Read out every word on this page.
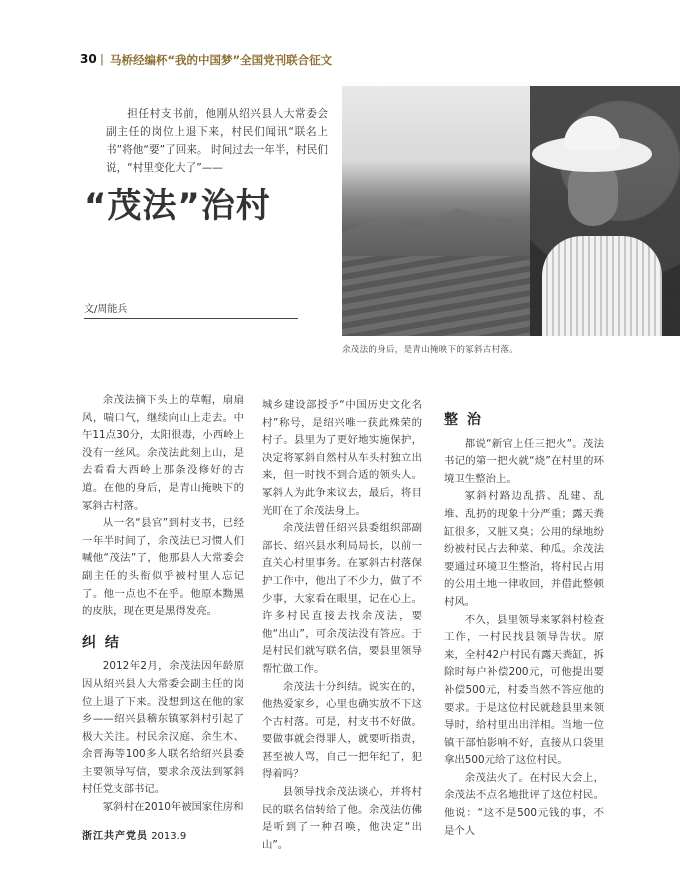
30 | 马桥经编杯“我的中国梦”全国党刊联合征文
余茂法的身后，是青山掩映下的冢斜古村落。
担任村支书前，他刚从绍兴县人大常委会副主任的岗位上退下来，村民们闻讯“联名上书”将他“要”了回来。 时间过去一年半，村民们说，“村里变化大了”——
“茂法”治村
文/周能兵

余茂法摘下头上的草帽，扇扇风，喘口气，继续向山上走去。中午11点30分，太阳很毒，小西岭上没有一丝风。余茂法此刻上山，是去看看大西岭上那条没修好的古道。在他的身后，是青山掩映下的冢斜古村落。

从一名“县官”到村支书，已经一年半时间了，余茂法已习惯人们喊他“茂法”了，他那县人大常委会副主任的头衔似乎被村里人忘记了。他一点也不在乎。他原本黝黑的皮肤，现在更是黑得发亮。

纠 结

2012年2月，余茂法因年龄原因从绍兴县人大常委会副主任的岗位上退了下来。没想到这在他的家乡——绍兴县稽东镇冢斜村引起了极大关注。村民余汉庭、余生木、余晋海等100多人联名给绍兴县委主要领导写信，要求余茂法到冢斜村任党支部书记。

冢斜村在2010年被国家住房和

城乡建设部授予“中国历史文化名村”称号，是绍兴唯一获此殊荣的村子。县里为了更好地实施保护，决定将冢斜自然村从车头村独立出来，但一时找不到合适的领头人。冢斜人为此争来议去，最后，将目光盯在了余茂法身上。

余茂法曾任绍兴县委组织部副部长、绍兴县水利局局长，以前一直关心村里事务。在冢斜古村落保护工作中，他出了不少力，做了不少事，大家看在眼里，记在心上。许多村民直接去找余茂法，要他“出山”，可余茂法没有答应。于是村民们就写联名信，要县里领导帮忙做工作。

余茂法十分纠结。说实在的，他热爱家乡，心里也确实放不下这个古村落。可是，村支书不好做。要做事就会得罪人，就要听指责，甚至被人骂，自己一把年纪了，犯得着吗？

县领导找余茂法谈心，并将村民的联名信转给了他。余茂法仿佛是听到了一种召唤，他决定“出山”。

整 治

都说“新官上任三把火”。茂法书记的第一把火就“烧”在村里的环境卫生整治上。

冢斜村路边乱搭、乱建、乱堆、乱扔的现象十分严重；露天粪缸很多，又脏又臭；公用的绿地纷纷被村民占去种菜、种瓜。余茂法要通过环境卫生整治，将村民占用的公用土地一律收回，并借此整顿村风。

不久，县里领导来冢斜村检查工作，一村民找县领导告状。原来，全村42户村民有露天粪缸，拆除时每户补偿200元，可他提出要补偿500元，村委当然不答应他的要求。于是这位村民就趁县里来领导时，给村里出出洋相。当地一位镇干部怕影响不好，直接从口袋里拿出500元给了这位村民。

余茂法火了。在村民大会上，余茂法不点名地批评了这位村民。他说：“这不是500元钱的事，不是个人

浙江共产党员 2013.9
